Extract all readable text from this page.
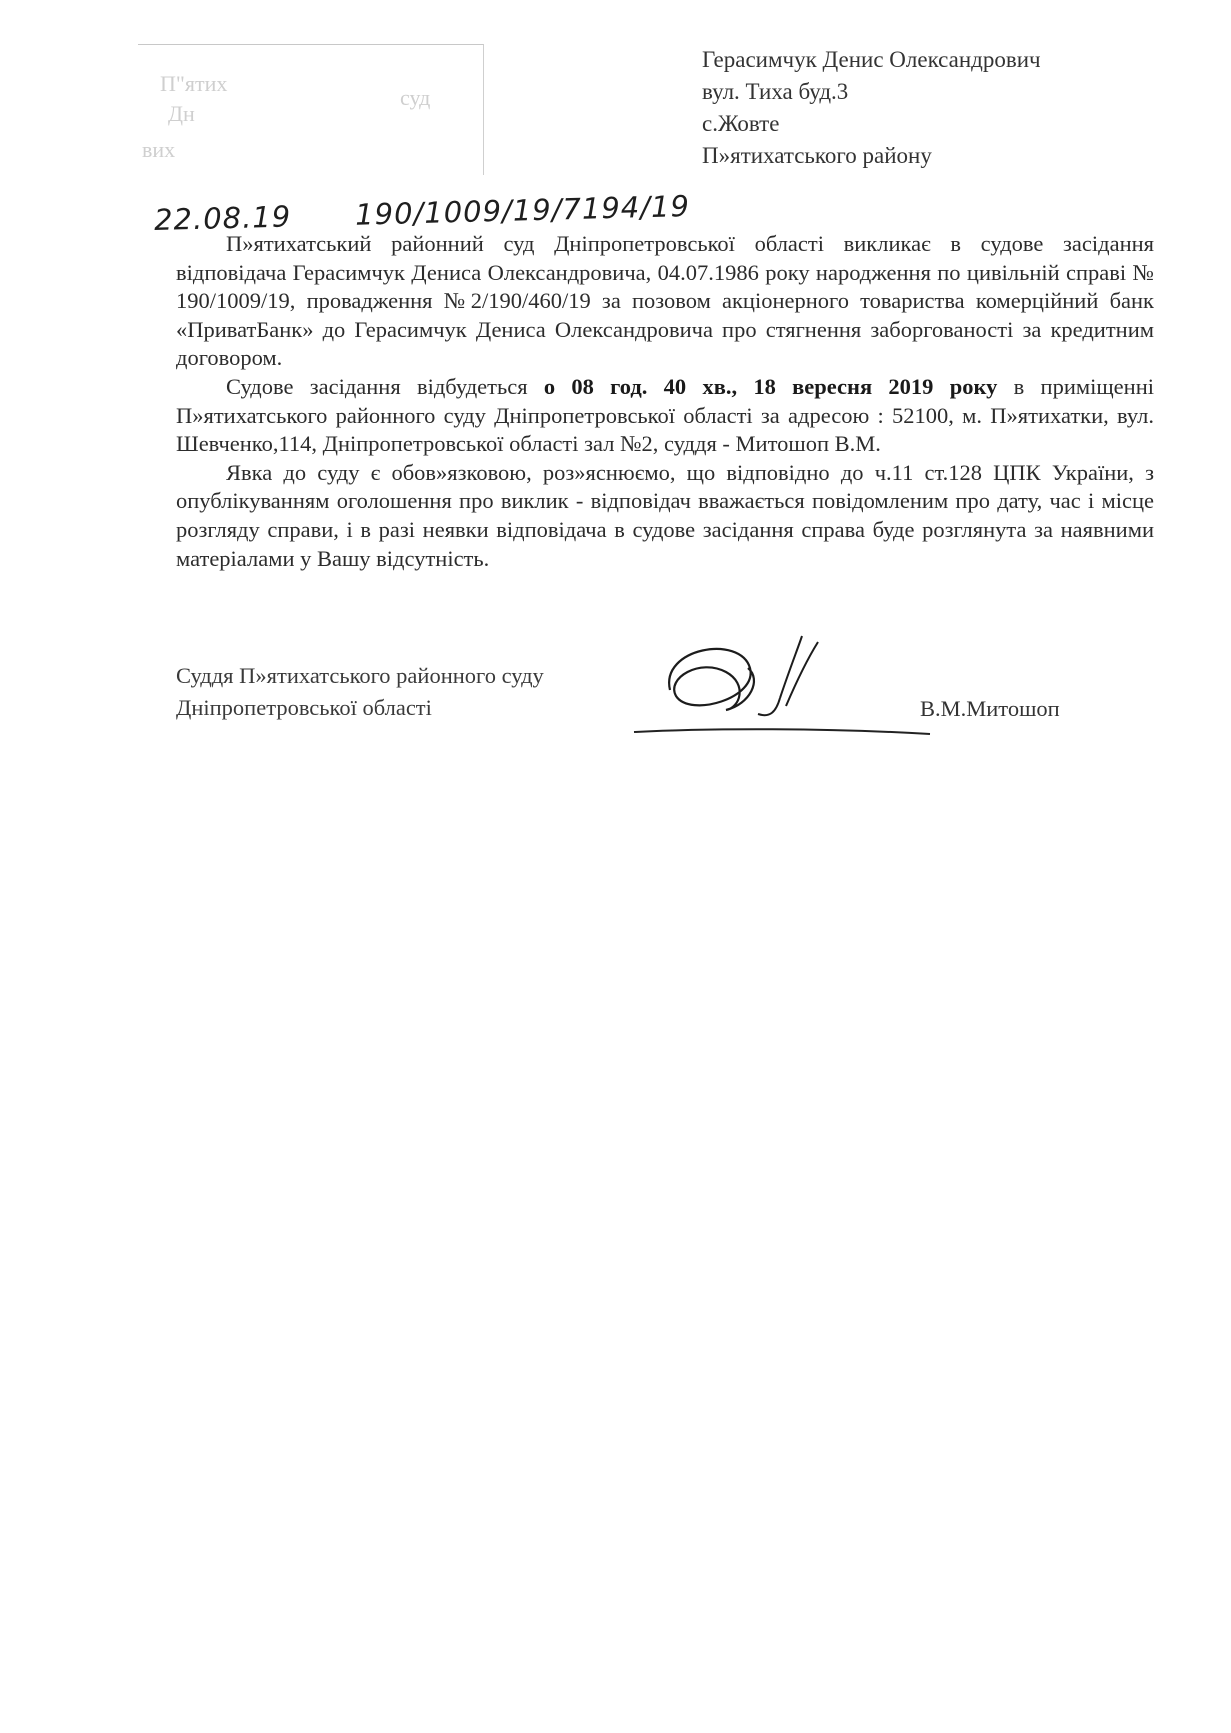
П"ятих
Дн
суд
вих
Герасимчук Денис Олександрович
вул. Тиха буд.3
с.Жовте
П»ятихатського району
22.08.19 190/1009/19/7194/19

П»ятихатський районний суд Дніпропетровської області викликає в судове засідання відповідача Герасимчук Дениса Олександровича, 04.07.1986 року народження по цивільній справі № 190/1009/19, провадження №2/190/460/19 за позовом акціонерного товариства комерційний банк «ПриватБанк» до Герасимчук Дениса Олександровича про стягнення заборгованості за кредитним договором.

Судове засідання відбудеться о 08 год. 40 хв., 18 вересня 2019 року в приміщенні П»ятихатського районного суду Дніпропетровської області за адресою : 52100, м. П»ятихатки, вул. Шевченко,114, Дніпропетровської області зал №2, суддя - Митошоп В.М.

Явка до суду є обов»язковою, роз»яснюємо, що відповідно до ч.11 ст.128 ЦПК України, з опублікуванням оголошення про виклик - відповідач вважається повідомленим про дату, час і місце розгляду справи, і в разі неявки відповідача в судове засідання справа буде розглянута за наявними матеріалами у Вашу відсутність.

Суддя П»ятихатського районного суду
Дніпропетровської області	В.М.Митошоп
